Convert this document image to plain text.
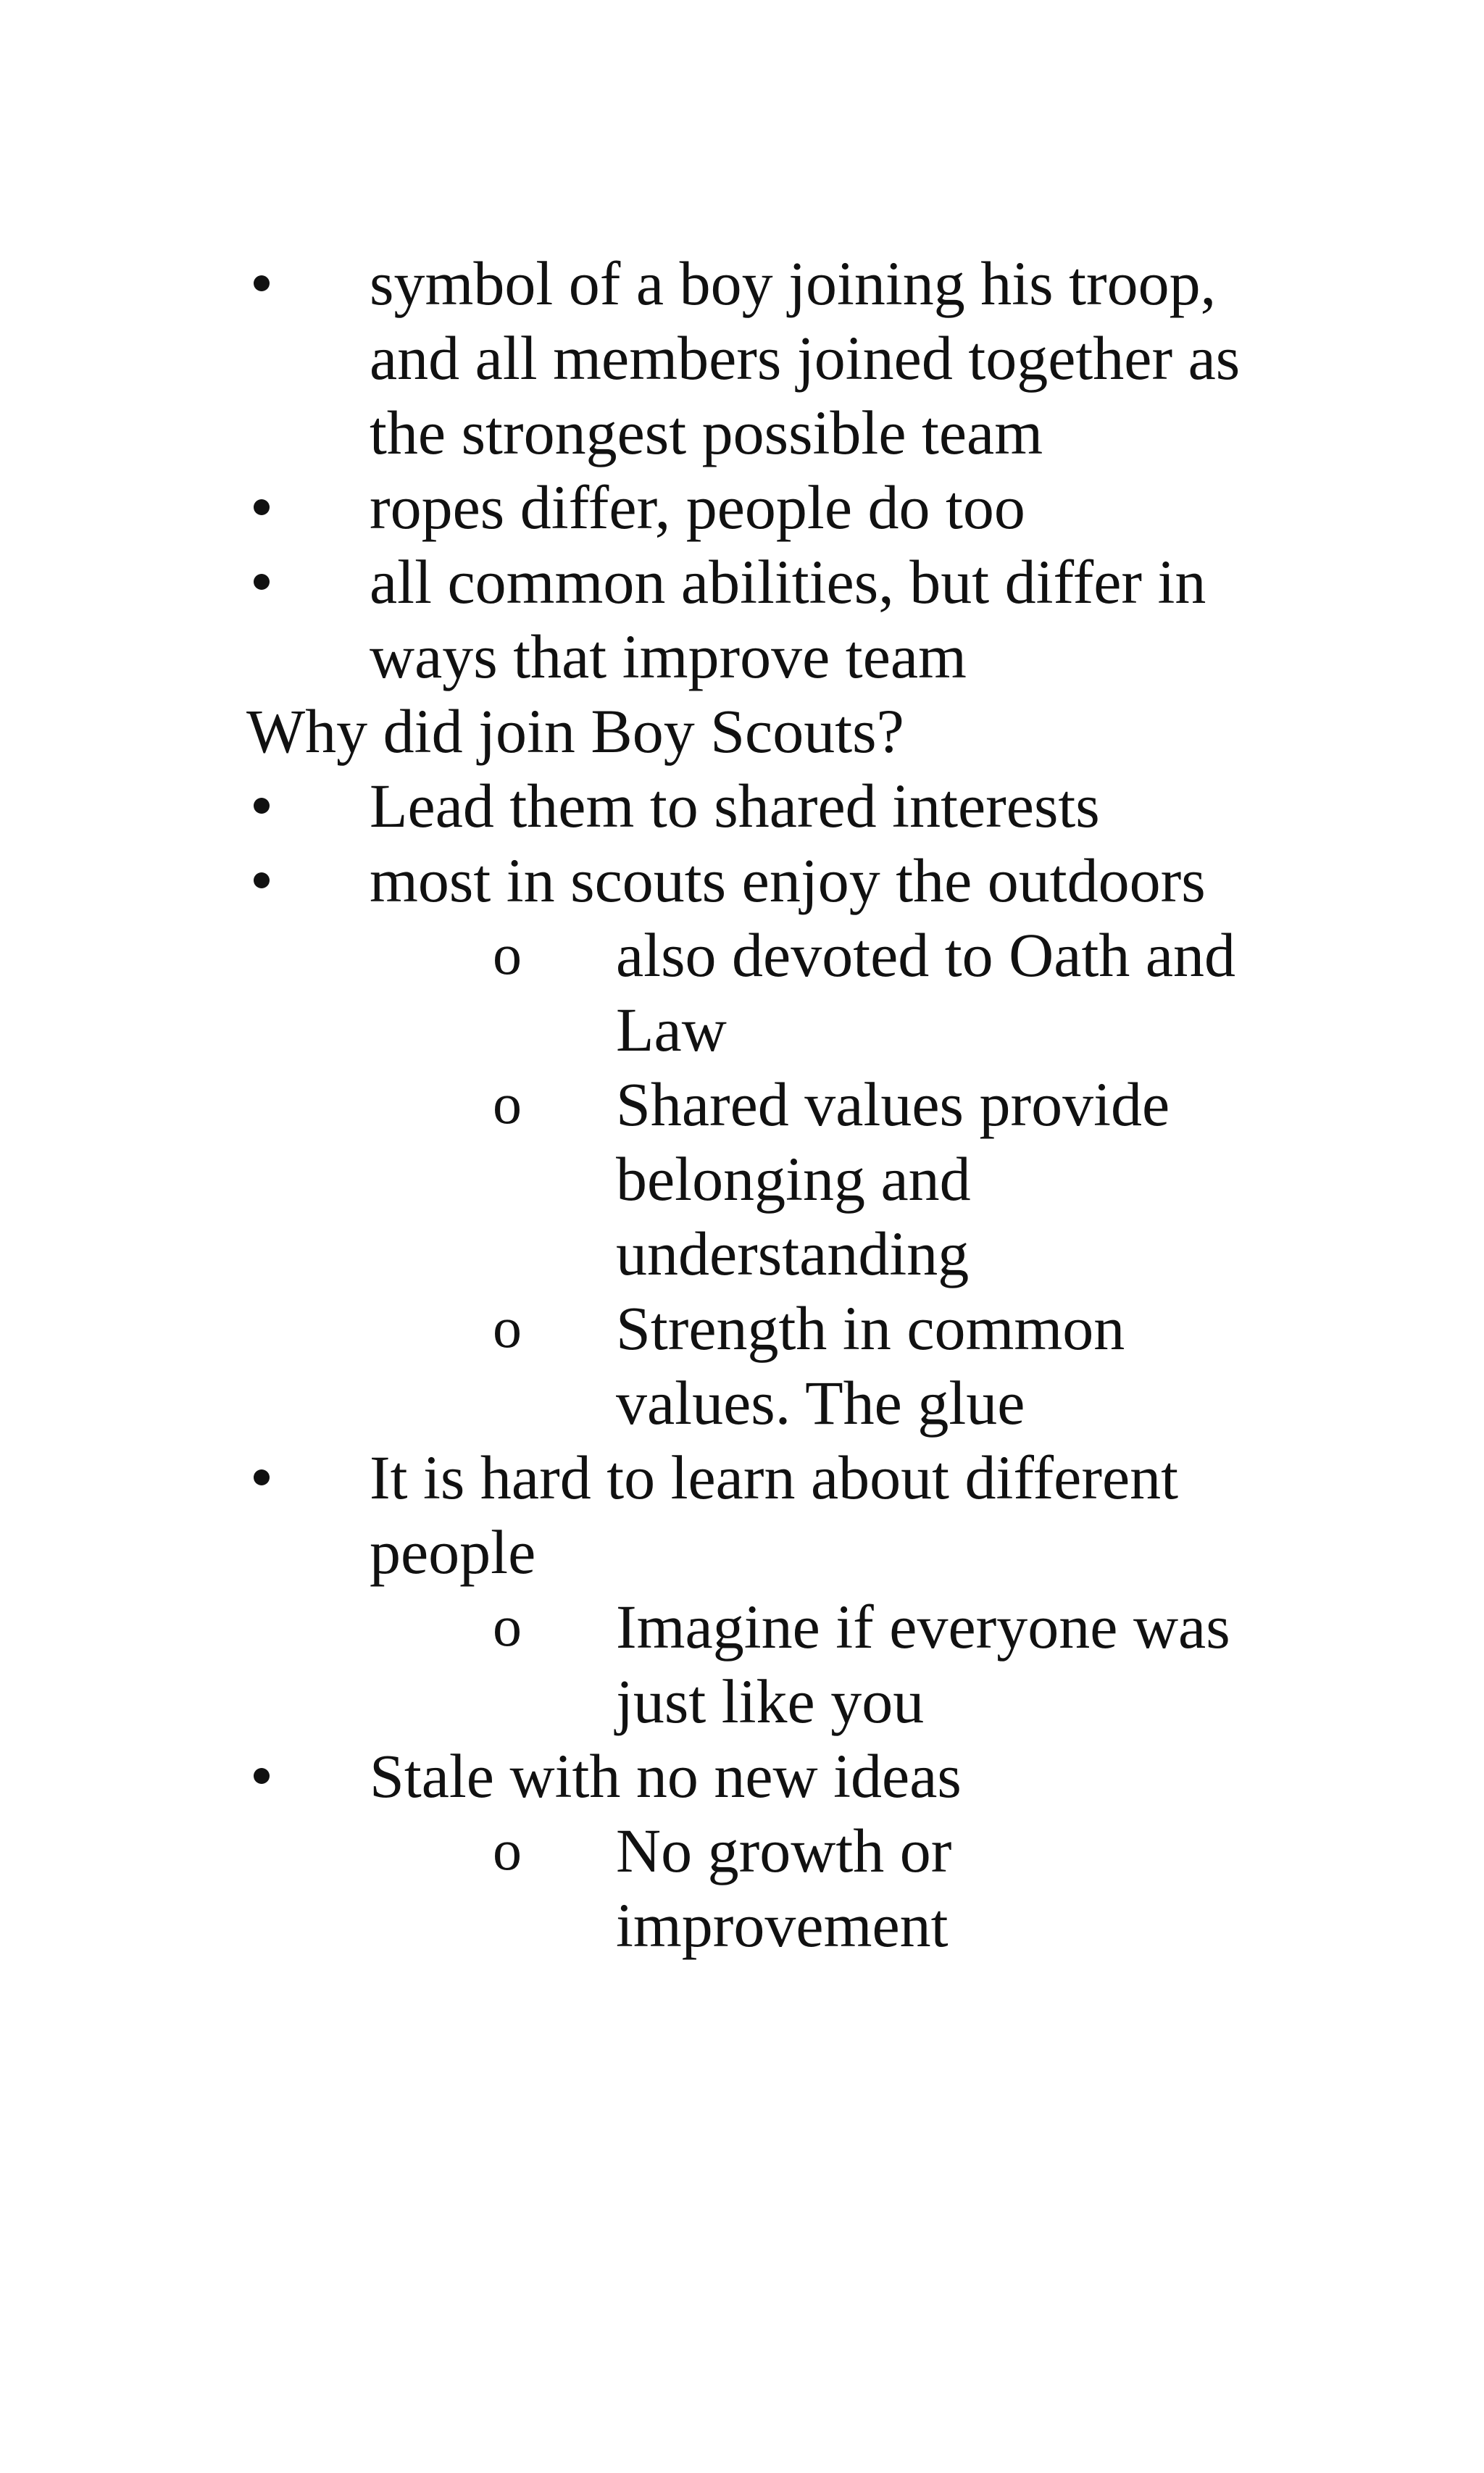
symbol of a boy joining his troop, and all members joined together as the strongest possible team
ropes differ, people do too
all common abilities, but differ in ways that improve team
Why did join Boy Scouts?
Lead them to shared interests
most in scouts enjoy the outdoors
o also devoted to Oath and Law
o Shared values provide belonging and understanding
o Strength in common values. The glue
It is hard to learn about different people
o Imagine if everyone was just like you
Stale with no new ideas
o No growth or improvement
